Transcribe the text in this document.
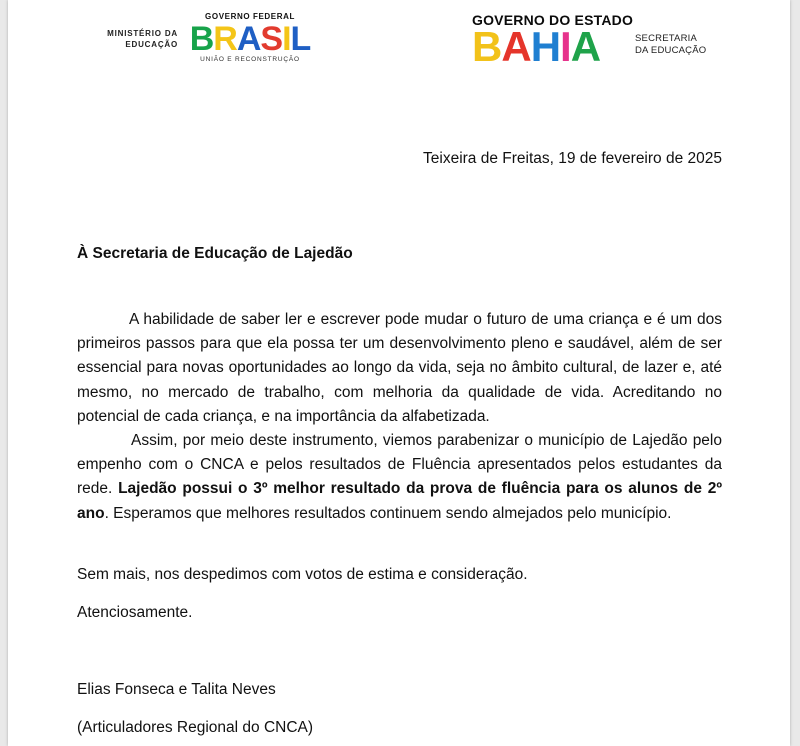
MINISTÉRIO DA
EDUCAÇÃO
GOVERNO FEDERAL
BRASIL
UNIÃO E RECONSTRUÇÃO
GOVERNO DO ESTADO
BAHIA	SECRETARIA
DA EDUCAÇÃO
Teixeira de Freitas, 19 de fevereiro de 2025
À Secretaria de Educação de Lajedão

A habilidade de saber ler e escrever pode mudar o futuro de uma criança e é um dos primeiros passos para que ela possa ter um desenvolvimento pleno e saudável, além de ser essencial para novas oportunidades ao longo da vida, seja no âmbito cultural, de lazer e, até mesmo, no mercado de trabalho, com melhoria da qualidade de vida. Acreditando no potencial de cada criança, e na importância da alfabetizada.

Assim, por meio deste instrumento, viemos parabenizar o município de Lajedão pelo empenho com o CNCA e pelos resultados de Fluência apresentados pelos estudantes da rede. Lajedão possui o 3º melhor resultado da prova de fluência para os alunos de 2º ano. Esperamos que melhores resultados continuem sendo almejados pelo município.

Sem mais, nos despedimos com votos de estima e consideração.
Atenciosamente.
Elias Fonseca e Talita Neves
(Articuladores Regional do CNCA)
